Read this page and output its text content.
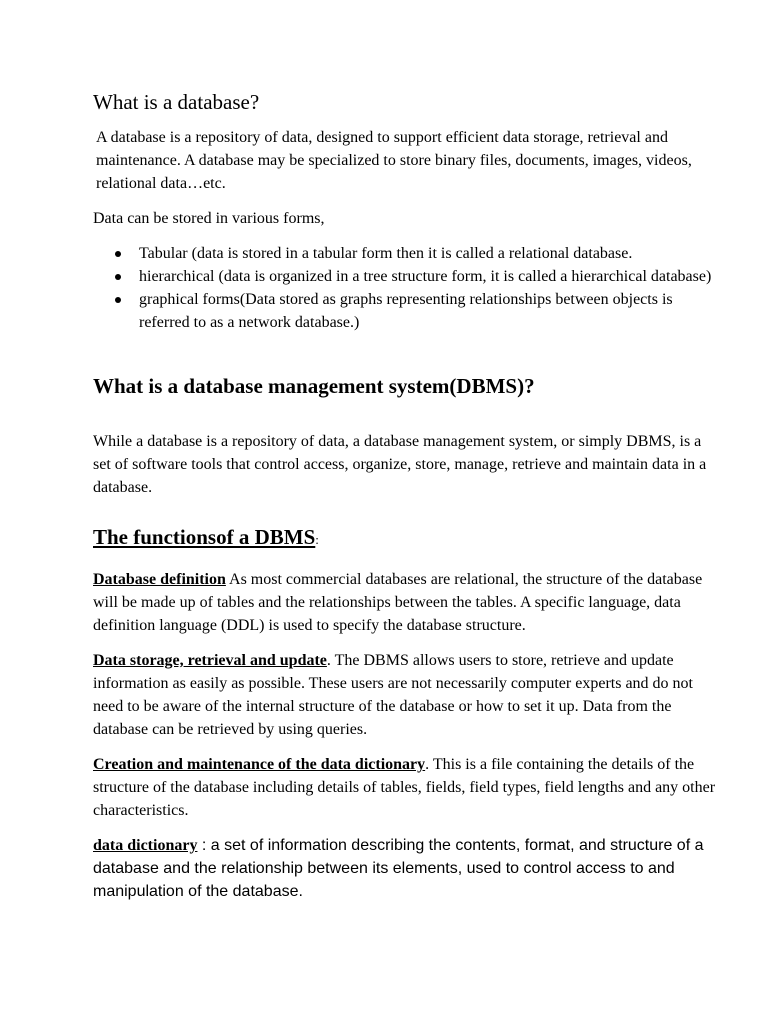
What is a database?

A database is a repository of data, designed to support efficient data storage, retrieval and maintenance. A database may be specialized to store binary files, documents, images, videos, relational data…etc.

Data can be stored in various forms,

Tabular (data is stored in a tabular form then it is called a relational database.
hierarchical (data is organized in a tree structure form, it is called a hierarchical database)
graphical forms(Data stored as graphs representing relationships between objects is referred to as a network database.)
What is a database management system(DBMS)?

While a database is a repository of data, a database management system, or simply DBMS, is a set of software tools that control access, organize, store, manage, retrieve and maintain data in a database.

The functionsof a DBMS:

Database definition As most commercial databases are relational, the structure of the database will be made up of tables and the relationships between the tables. A specific language, data definition language (DDL) is used to specify the database structure.

Data storage, retrieval and update. The DBMS allows users to store, retrieve and update information as easily as possible. These users are not necessarily computer experts and do not need to be aware of the internal structure of the database or how to set it up. Data from the database can be retrieved by using queries.

Creation and maintenance of the data dictionary. This is a file containing the details of the structure of the database including details of tables, fields, field types, field lengths and any other characteristics.

data dictionary : a set of information describing the contents, format, and structure of a database and the relationship between its elements, used to control access to and manipulation of the database.
